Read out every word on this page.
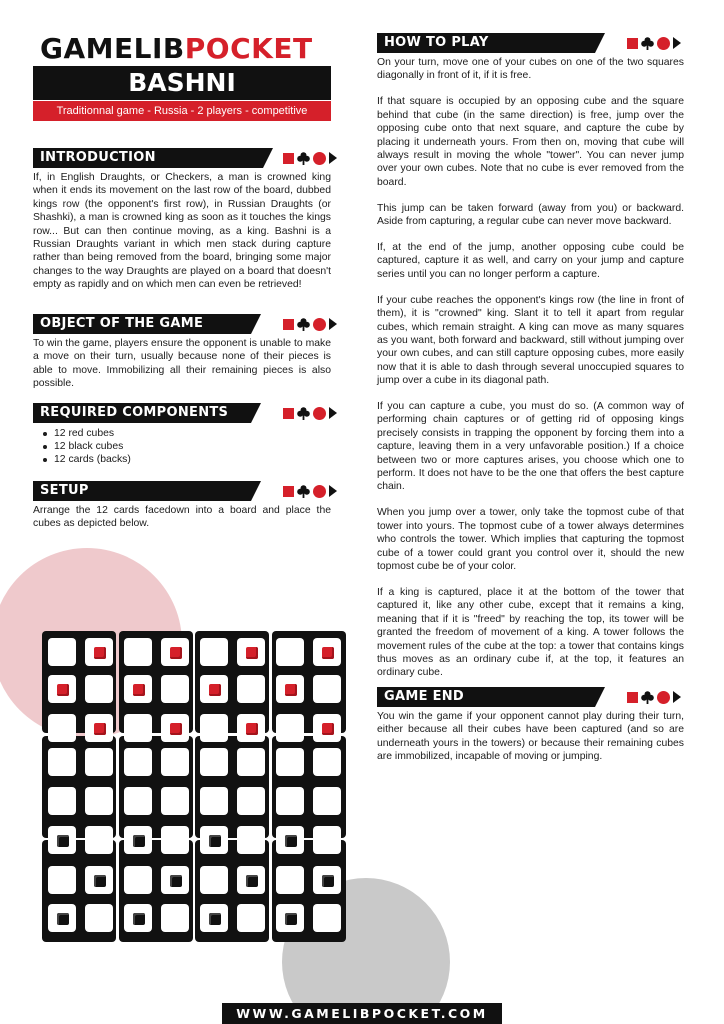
GAMELIBPOCKET
BASHNI
Traditionnal game - Russia - 2 players - competitive
INTRODUCTION
If, in English Draughts, or Checkers, a man is crowned king when it ends its movement on the last row of the board, dubbed kings row (the opponent's first row), in Russian Draughts (or Shashki), a man is crowned king as soon as it touches the kings row... But can then continue moving, as a king. Bashni is a Russian Draughts variant in which men stack during capture rather than being removed from the board, bringing some major changes to the way Draughts are played on a board that doesn't empty as rapidly and on which men can even be retrieved!
OBJECT OF THE GAME
To win the game, players ensure the opponent is unable to make a move on their turn, usually because none of their pieces is able to move. Immobilizing all their remaining pieces is also possible.
REQUIRED COMPONENTS
12 red cubes
12 black cubes
12 cards (backs)
SETUP
Arrange the 12 cards facedown into a board and place the cubes as depicted below.
HOW TO PLAY

On your turn, move one of your cubes on one of the two squares diagonally in front of it, if it is free.

If that square is occupied by an opposing cube and the square behind that cube (in the same direction) is free, jump over the opposing cube onto that next square, and capture the cube by placing it underneath yours. From then on, moving that cube will always result in moving the whole "tower". You can never jump over your own cubes. Note that no cube is ever removed from the board.

This jump can be taken forward (away from you) or backward. Aside from capturing, a regular cube can never move backward.

If, at the end of the jump, another opposing cube could be captured, capture it as well, and carry on your jump and capture series until you can no longer perform a capture.

If your cube reaches the opponent's kings row (the line in front of them), it is "crowned" king. Slant it to tell it apart from regular cubes, which remain straight. A king can move as many squares as you want, both forward and backward, still without jumping over your own cubes, and can still capture opposing cubes, more easily now that it is able to dash through several unoccupied squares to jump over a cube in its diagonal path.

If you can capture a cube, you must do so. (A common way of performing chain captures or of getting rid of opposing kings precisely consists in trapping the opponent by forcing them into a capture, leaving them in a very unfavorable position.) If a choice between two or more captures arises, you choose which one to perform. It does not have to be the one that offers the best capture chain.

When you jump over a tower, only take the topmost cube of that tower into yours. The topmost cube of a tower always determines who controls the tower. Which implies that capturing the topmost cube of a tower could grant you control over it, should the new topmost cube be of your color.

If a king is captured, place it at the bottom of the tower that captured it, like any other cube, except that it remains a king, meaning that if it is "freed" by reaching the top, its tower will be granted the freedom of movement of a king. A tower follows the movement rules of the cube at the top: a tower that contains kings thus moves as an ordinary cube if, at the top, it features an ordinary cube.

GAME END
You win the game if your opponent cannot play during their turn, either because all their cubes have been captured (and so are underneath yours in the towers) or because their remaining cubes are immobilized, incapable of moving or jumping.
WWW.GAMELIBPOCKET.COM
